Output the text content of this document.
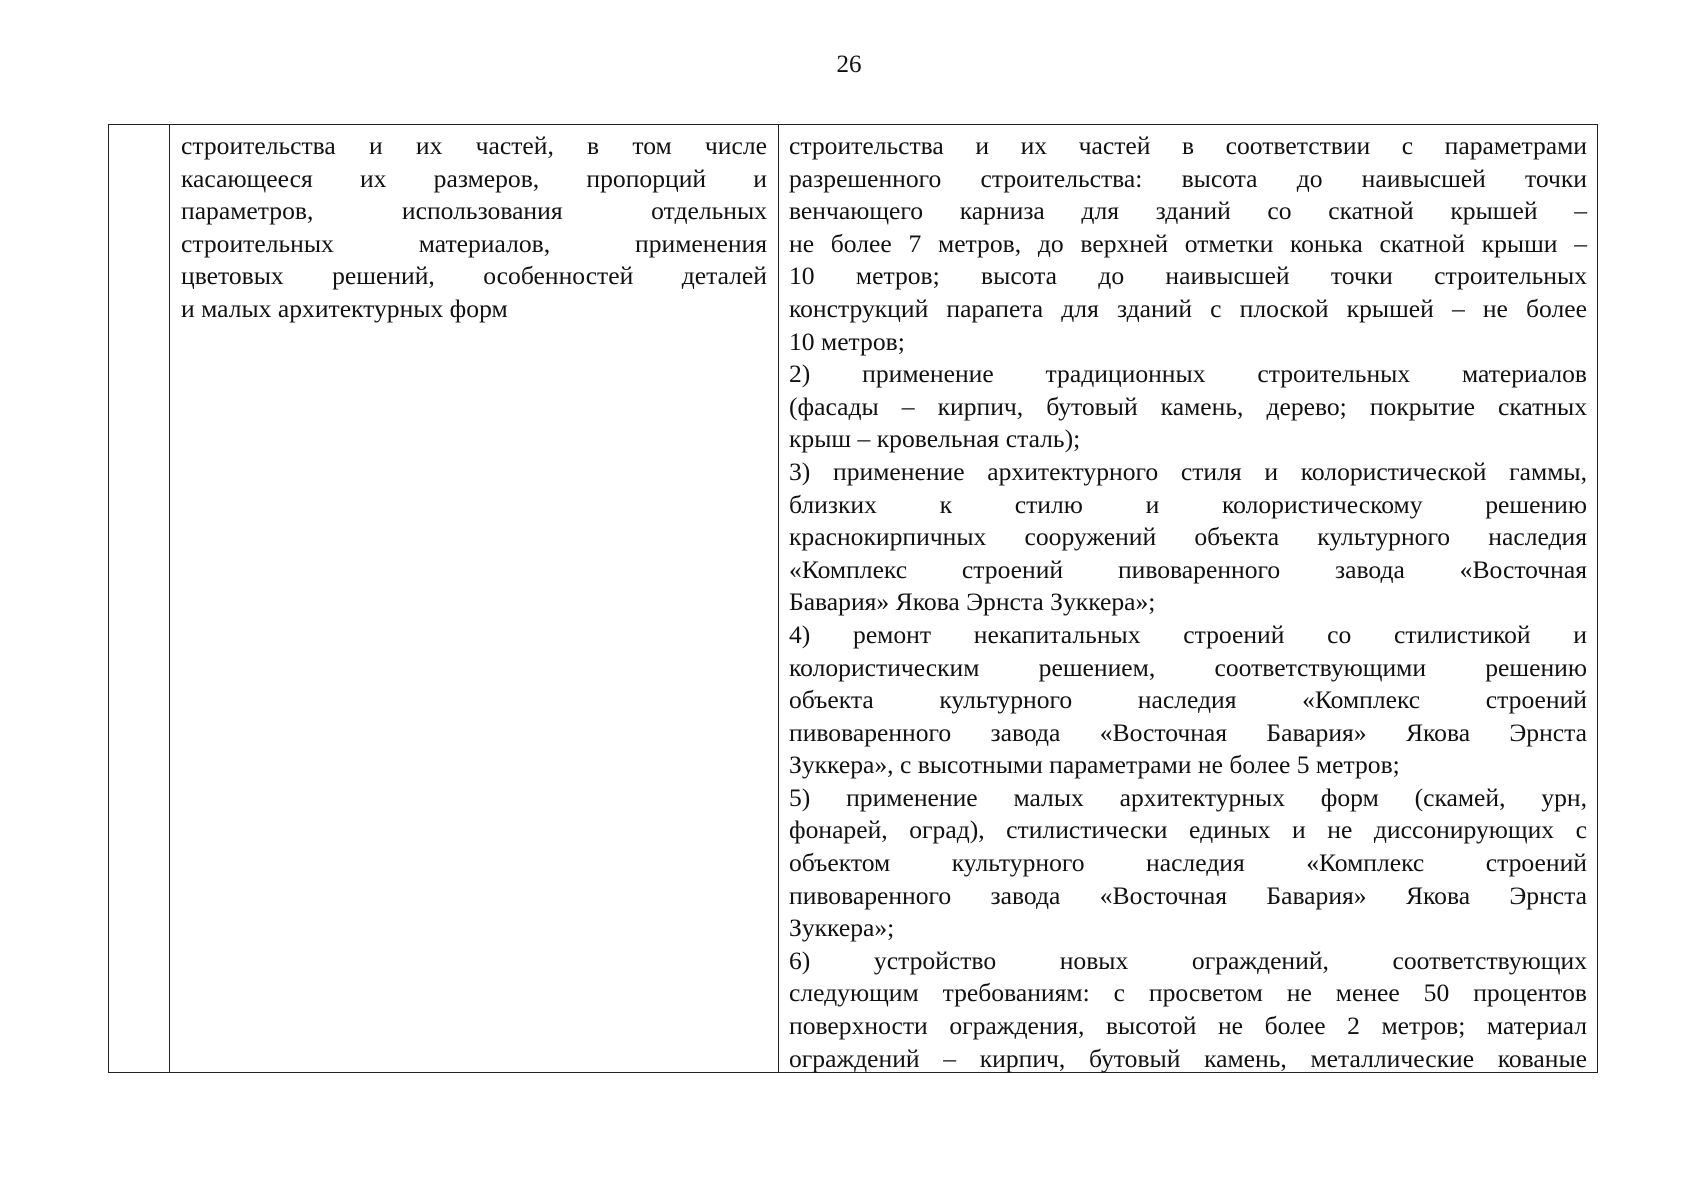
26

строительства и их частей, в том числе
касающееся их размеров, пропорций и
параметров, использования отдельных
строительных материалов, применения
цветовых решений, особенностей деталей
и малых архитектурных форм

строительства и их частей в соответствии с параметрами
разрешенного строительства: высота до наивысшей точки
венчающего карниза для зданий со скатной крышей –
не более 7 метров, до верхней отметки конька скатной крыши –
10 метров; высота до наивысшей точки строительных
конструкций парапета для зданий с плоской крышей – не более
10 метров;

2) применение традиционных строительных материалов
(фасады – кирпич, бутовый камень, дерево; покрытие скатных
крыш – кровельная сталь);

3) применение архитектурного стиля и колористической гаммы,
близких к стилю и колористическому решению
краснокирпичных сооружений объекта культурного наследия
«Комплекс строений пивоваренного завода «Восточная
Бавария» Якова Эрнста Зуккера»;

4) ремонт некапитальных строений со стилистикой и
колористическим решением, соответствующими решению
объекта культурного наследия «Комплекс строений
пивоваренного завода «Восточная Бавария» Якова Эрнста
Зуккера», с высотными параметрами не более 5 метров;

5) применение малых архитектурных форм (скамей, урн,
фонарей, оград), стилистически единых и не диссонирующих с
объектом культурного наследия «Комплекс строений
пивоваренного завода «Восточная Бавария» Якова Эрнста
Зуккера»;

6) устройство новых ограждений, соответствующих
следующим требованиям: с просветом не менее 50 процентов
поверхности ограждения, высотой не более 2 метров; материал
ограждений – кирпич, бутовый камень, металлические кованые
